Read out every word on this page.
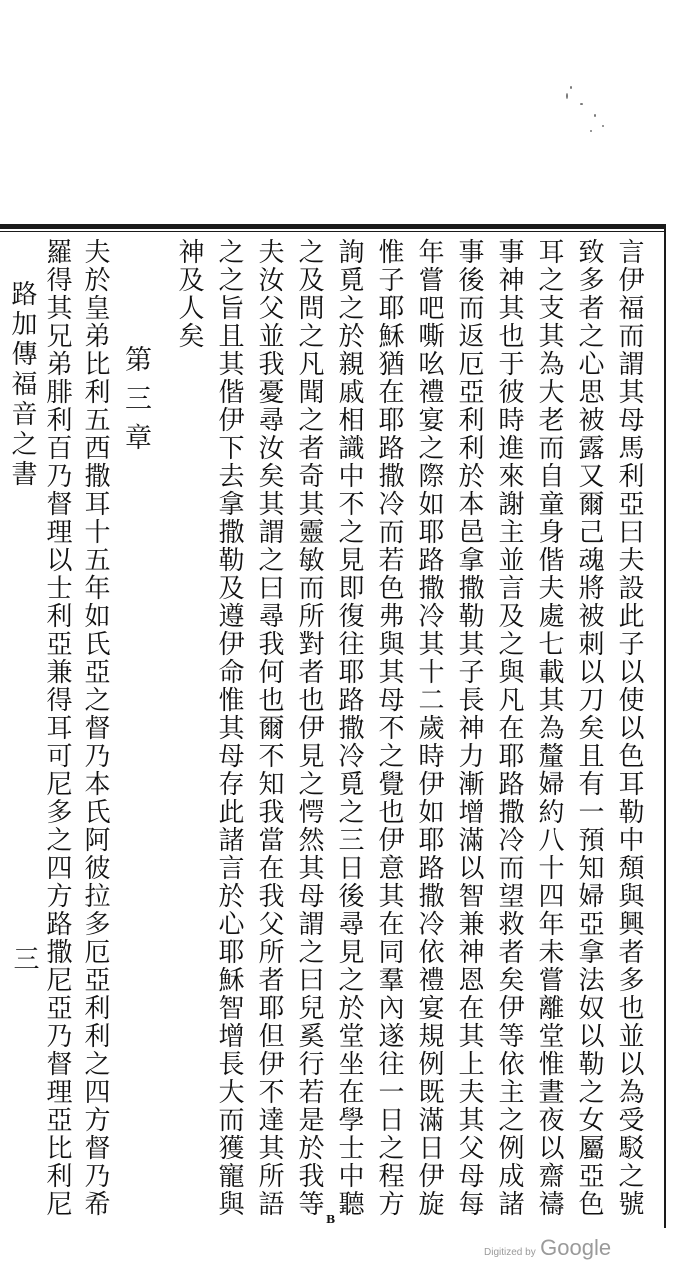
言伊福而謂其母馬利亞曰夫設此子以使以色耳勒中頽與興者多也並以為受駁之號
致多者之心思被露又爾己魂將被刺以刀矣且有一預知婦亞拿法奴以勒之女屬亞色
耳之支其為大老而自童身偕夫處七載其為釐婦約八十四年未嘗離堂惟晝夜以齋禱
事神其也于彼時進來謝主並言及之與凡在耶路撒冷而望救者矣伊等依主之例成諸
事後而返厄亞利利於本邑拿撒勒其子長神力漸增滿以智兼神恩在其上夫其父母每
年嘗吧嘶吆禮宴之際如耶路撒冷其十二歲時伊如耶路撒冷依禮宴規例既滿日伊旋
惟子耶穌猶在耶路撒冷而若色弗與其母不之覺也伊意其在同羣內遂往一日之程方
詢覓之於親戚相識中不之見即復往耶路撒冷覓之三日後尋見之於堂坐在學士中聽
之及問之凡聞之者奇其靈敏而所對者也伊見之愕然其母謂之曰兒奚行若是於我等
夫汝父並我憂尋汝矣其謂之曰尋我何也爾不知我當在我父所者耶但伊不達其所語
之之旨且其偕伊下去拿撒勒及遵伊命惟其母存此諸言於心耶穌智增長大而獲寵與
神及人矣
第三章
夫於皇弟比利五西撒耳十五年如氏亞之督乃本氏阿彼拉多厄亞利利之四方督乃希
羅得其兄弟腓利百乃督理以士利亞兼得耳可尼多之四方路撒尼亞乃督理亞比利尼
路加傳福音之書
三
B
Digitized by Google
